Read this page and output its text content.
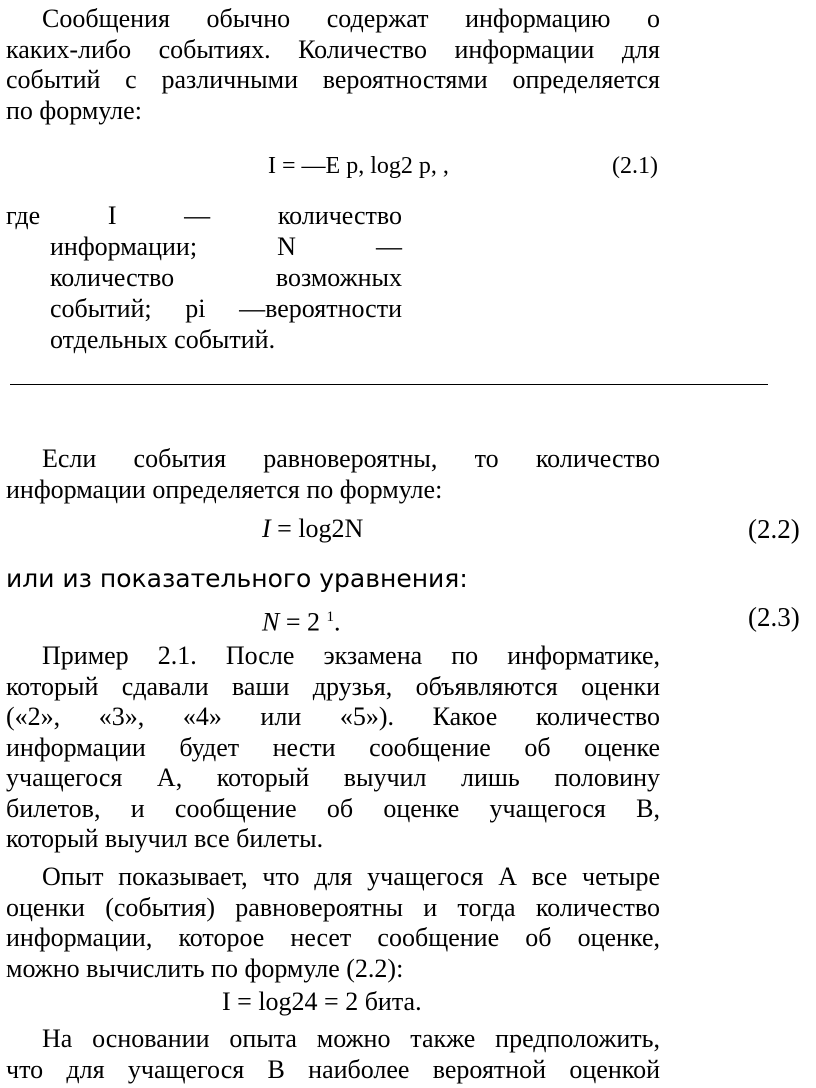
Сообщения обычно содержат информацию о
каких-либо событиях. Количество информации для
событий с различными вероятностями определяется
по формуле:
I = —E p, log2 p, ,	(2.1)
где I — количество
информации; N —
количество возможных
событий; pi —вероятности
отдельных событий.
Если события равновероятны, то количество
информации определяется по формуле:
I = log2N	(2.2)
или из показательного уравнения:
N = 2 $^1$.	(2.3)
Пример 2.1. После экзамена по информатике,
который сдавали ваши друзья, объявляются оценки
(«2», «3», «4» или «5»). Какое количество
информации будет нести сообщение об оценке
учащегося А, который выучил лишь половину
билетов, и сообщение об оценке учащегося В,
который выучил все билеты.
Опыт показывает, что для учащегося А все четыре
оценки (события) равновероятны и тогда количество
информации, которое несет сообщение об оценке,
можно вычислить по формуле (2.2):
I = log24 = 2 бита.
На основании опыта можно также предположить,
что для учащегося В наиболее вероятной оценкой
